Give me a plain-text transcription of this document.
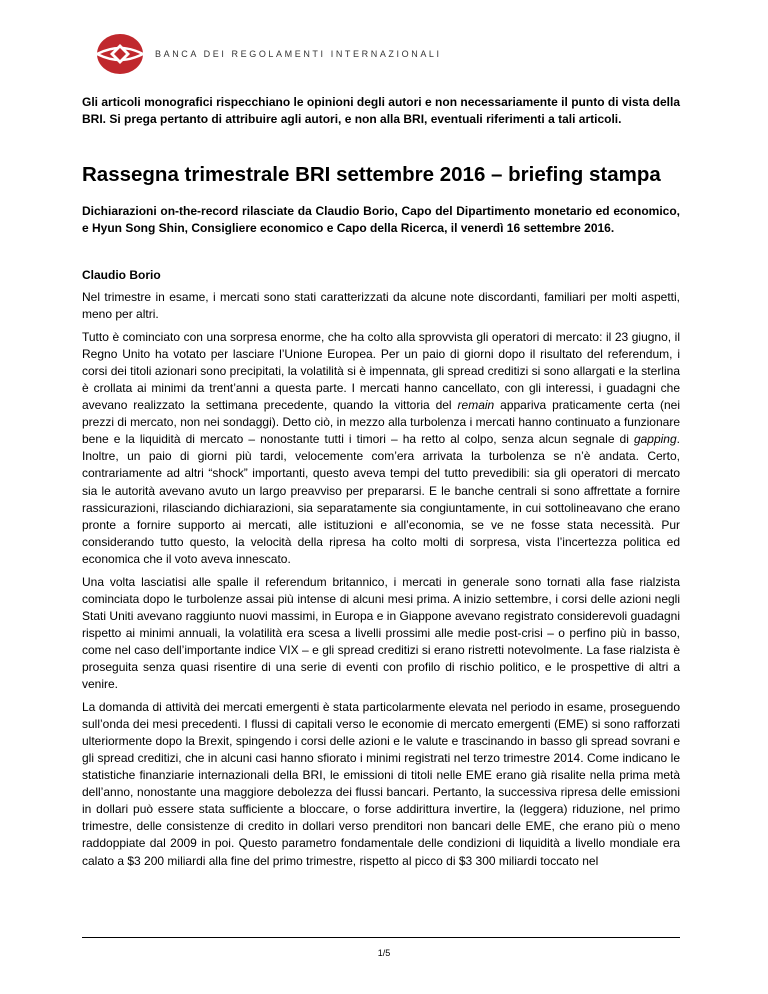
BANCA DEI REGOLAMENTI INTERNAZIONALI

Gli articoli monografici rispecchiano le opinioni degli autori e non necessariamente il punto di vista della BRI. Si prega pertanto di attribuire agli autori, e non alla BRI, eventuali riferimenti a tali articoli.

Rassegna trimestrale BRI settembre 2016 – briefing stampa

Dichiarazioni on-the-record rilasciate da Claudio Borio, Capo del Dipartimento monetario ed economico, e Hyun Song Shin, Consigliere economico e Capo della Ricerca, il venerdì 16 settembre 2016.

Claudio Borio

Nel trimestre in esame, i mercati sono stati caratterizzati da alcune note discordanti, familiari per molti aspetti, meno per altri.

Tutto è cominciato con una sorpresa enorme, che ha colto alla sprovvista gli operatori di mercato: il 23 giugno, il Regno Unito ha votato per lasciare l’Unione Europea. Per un paio di giorni dopo il risultato del referendum, i corsi dei titoli azionari sono precipitati, la volatilità si è impennata, gli spread creditizi si sono allargati e la sterlina è crollata ai minimi da trent’anni a questa parte. I mercati hanno cancellato, con gli interessi, i guadagni che avevano realizzato la settimana precedente, quando la vittoria del remain appariva praticamente certa (nei prezzi di mercato, non nei sondaggi). Detto ciò, in mezzo alla turbolenza i mercati hanno continuato a funzionare bene e la liquidità di mercato – nonostante tutti i timori – ha retto al colpo, senza alcun segnale di gapping. Inoltre, un paio di giorni più tardi, velocemente com’era arrivata la turbolenza se n’è andata. Certo, contrariamente ad altri “shock” importanti, questo aveva tempi del tutto prevedibili: sia gli operatori di mercato sia le autorità avevano avuto un largo preavviso per prepararsi. E le banche centrali si sono affrettate a fornire rassicurazioni, rilasciando dichiarazioni, sia separatamente sia congiuntamente, in cui sottolineavano che erano pronte a fornire supporto ai mercati, alle istituzioni e all’economia, se ve ne fosse stata necessità. Pur considerando tutto questo, la velocità della ripresa ha colto molti di sorpresa, vista l’incertezza politica ed economica che il voto aveva innescato.

Una volta lasciatisi alle spalle il referendum britannico, i mercati in generale sono tornati alla fase rialzista cominciata dopo le turbolenze assai più intense di alcuni mesi prima. A inizio settembre, i corsi delle azioni negli Stati Uniti avevano raggiunto nuovi massimi, in Europa e in Giappone avevano registrato considerevoli guadagni rispetto ai minimi annuali, la volatilità era scesa a livelli prossimi alle medie post-crisi – o perfino più in basso, come nel caso dell’importante indice VIX – e gli spread creditizi si erano ristretti notevolmente. La fase rialzista è proseguita senza quasi risentire di una serie di eventi con profilo di rischio politico, e le prospettive di altri a venire.

La domanda di attività dei mercati emergenti è stata particolarmente elevata nel periodo in esame, proseguendo sull’onda dei mesi precedenti. I flussi di capitali verso le economie di mercato emergenti (EME) si sono rafforzati ulteriormente dopo la Brexit, spingendo i corsi delle azioni e le valute e trascinando in basso gli spread sovrani e gli spread creditizi, che in alcuni casi hanno sfiorato i minimi registrati nel terzo trimestre 2014. Come indicano le statistiche finanziarie internazionali della BRI, le emissioni di titoli nelle EME erano già risalite nella prima metà dell’anno, nonostante una maggiore debolezza dei flussi bancari. Pertanto, la successiva ripresa delle emissioni in dollari può essere stata sufficiente a bloccare, o forse addirittura invertire, la (leggera) riduzione, nel primo trimestre, delle consistenze di credito in dollari verso prenditori non bancari delle EME, che erano più o meno raddoppiate dal 2009 in poi. Questo parametro fondamentale delle condizioni di liquidità a livello mondiale era calato a $3 200 miliardi alla fine del primo trimestre, rispetto al picco di $3 300 miliardi toccato nel

1/5
